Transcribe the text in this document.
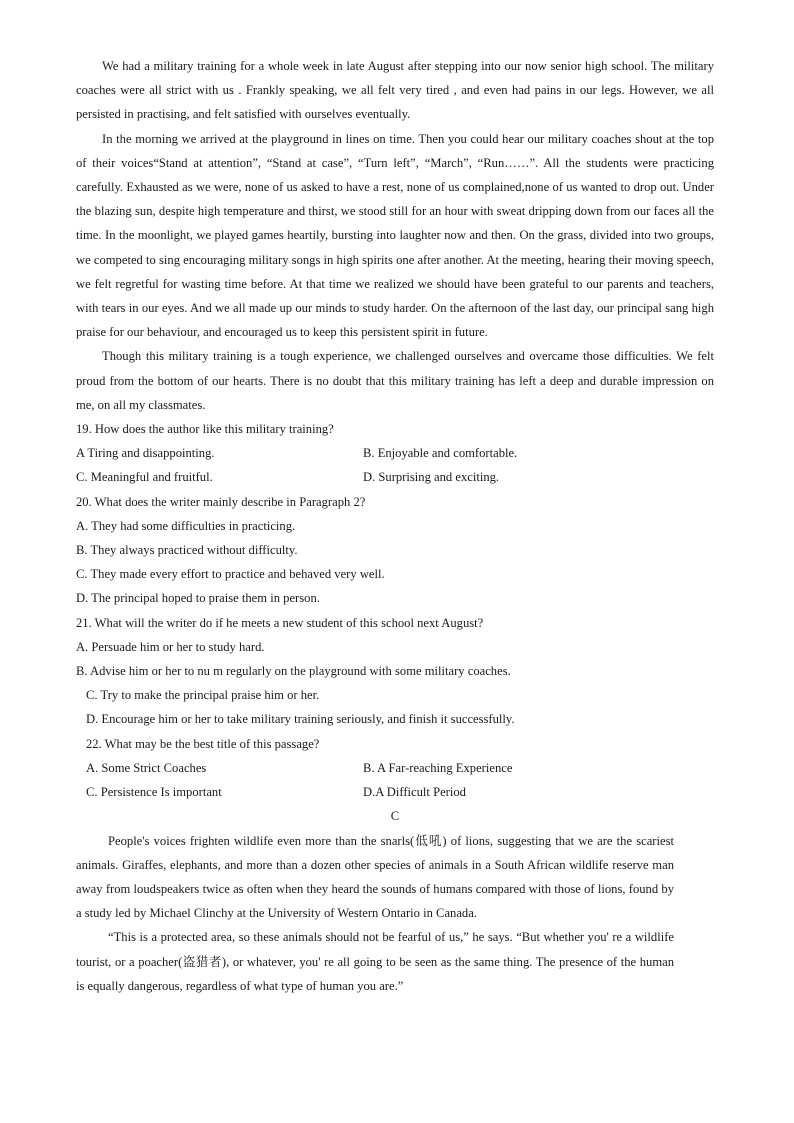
We had a military training for a whole week in late August after stepping into our now senior high school. The military coaches were all strict with us . Frankly speaking, we all felt very tired , and even had pains in our legs. However, we all persisted in practising, and felt satisfied with ourselves eventually.

In the morning we arrived at the playground in lines on time. Then you could hear our military coaches shout at the top of their voices“Stand at attention”, “Stand at case”, “Turn left”, “March”, “Run……”. All the students were practicing carefully. Exhausted as we were, none of us asked to have a rest, none of us complained,none of us wanted to drop out. Under the blazing sun, despite high temperature and thirst, we stood still for an hour with sweat dripping down from our faces all the time. In the moonlight, we played games heartily, bursting into laughter now and then. On the grass, divided into two groups, we competed to sing encouraging military songs in high spirits one after another. At the meeting, hearing their moving speech, we felt regretful for wasting time before. At that time we realized we should have been grateful to our parents and teachers, with tears in our eyes. And we all made up our minds to study harder. On the afternoon of the last day, our principal sang high praise for our behaviour, and encouraged us to keep this persistent spirit in future.

Though this military training is a tough experience, we challenged ourselves and overcame those difficulties. We felt proud from the bottom of our hearts. There is no doubt that this military training has left a deep and durable impression on me, on all my classmates.

19. How does the author like this military training?

A Tiring and disappointing.	B. Enjoyable and comfortable.
C. Meaningful and fruitful.	D. Surprising and exciting.

20. What does the writer mainly describe in Paragraph 2?

A. They had some difficulties in practicing.

B. They always practiced without difficulty.

C. They made every effort to practice and behaved very well.

D. The principal hoped to praise them in person.

21. What will the writer do if he meets a new student of this school next August?

A. Persuade him or her to study hard.

B. Advise him or her to nu m regularly on the playground with some military coaches.

C. Try to make the principal praise him or her.

D. Encourage him or her to take military training seriously, and finish it successfully.

22. What may be the best title of this passage?

A. Some Strict Coaches	B. A Far-reaching Experience
C. Persistence Is important	D.A Difficult Period

C

People's voices frighten wildlife even more than the snarls(低吼) of lions, suggesting that we are the scariest animals. Giraffes, elephants, and more than a dozen other species of animals in a South African wildlife reserve man away from loudspeakers twice as often when they heard the sounds of humans compared with those of lions, found by a study led by Michael Clinchy at the University of Western Ontario in Canada.

“This is a protected area, so these animals should not be fearful of us,” he says. “But whether you' re a wildlife tourist, or a poacher(盗猎者), or whatever, you' re all going to be seen as the same thing. The presence of the human is equally dangerous, regardless of what type of human you are.”
